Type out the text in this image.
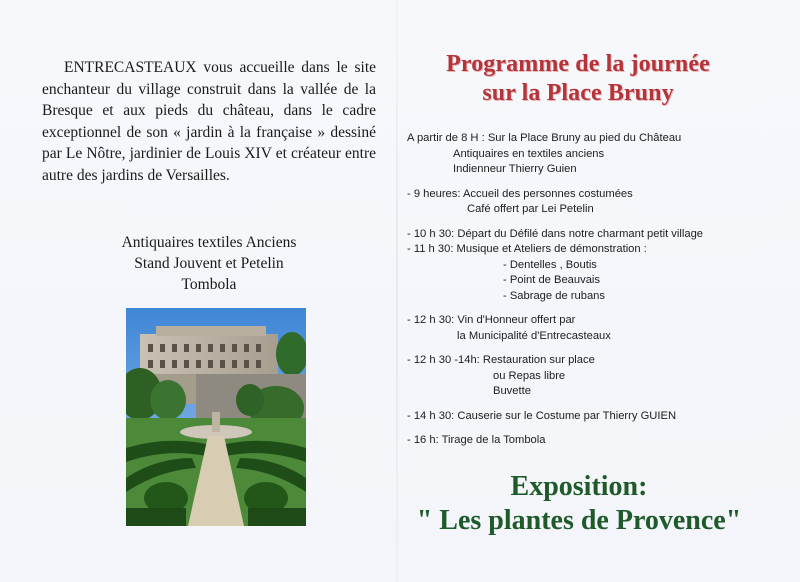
ENTRECASTEAUX vous accueille dans le site enchanteur du village construit dans la vallée de la Bresque et aux pieds du château, dans le cadre exceptionnel de son « jardin à la française » dessiné par Le Nôtre, jardinier de Louis XIV et créateur entre autre des jardins de Versailles.

Antiquaires textiles Anciens
Stand Jouvent et Petelin
Tombola
Programme de la journée
sur la Place Bruny
A partir de 8 H : Sur la Place Bruny au pied du Château
Antiquaires en textiles anciens
Indienneur Thierry Guien
- 9 heures: Accueil des personnes costumées
Café offert par Lei Petelin
- 10 h 30: Départ du Défilé dans notre charmant petit village
- 11 h 30: Musique et Ateliers de démonstration :
- Dentelles , Boutis
- Point de Beauvais
- Sabrage de rubans
- 12 h 30: Vin d'Honneur offert par
la Municipalité d'Entrecasteaux
- 12 h 30 -14h: Restauration sur place
ou Repas libre
Buvette
- 14 h 30: Causerie sur le Costume par Thierry GUIEN
- 16 h: Tirage de la Tombola
Exposition:
" Les plantes de Provence"
